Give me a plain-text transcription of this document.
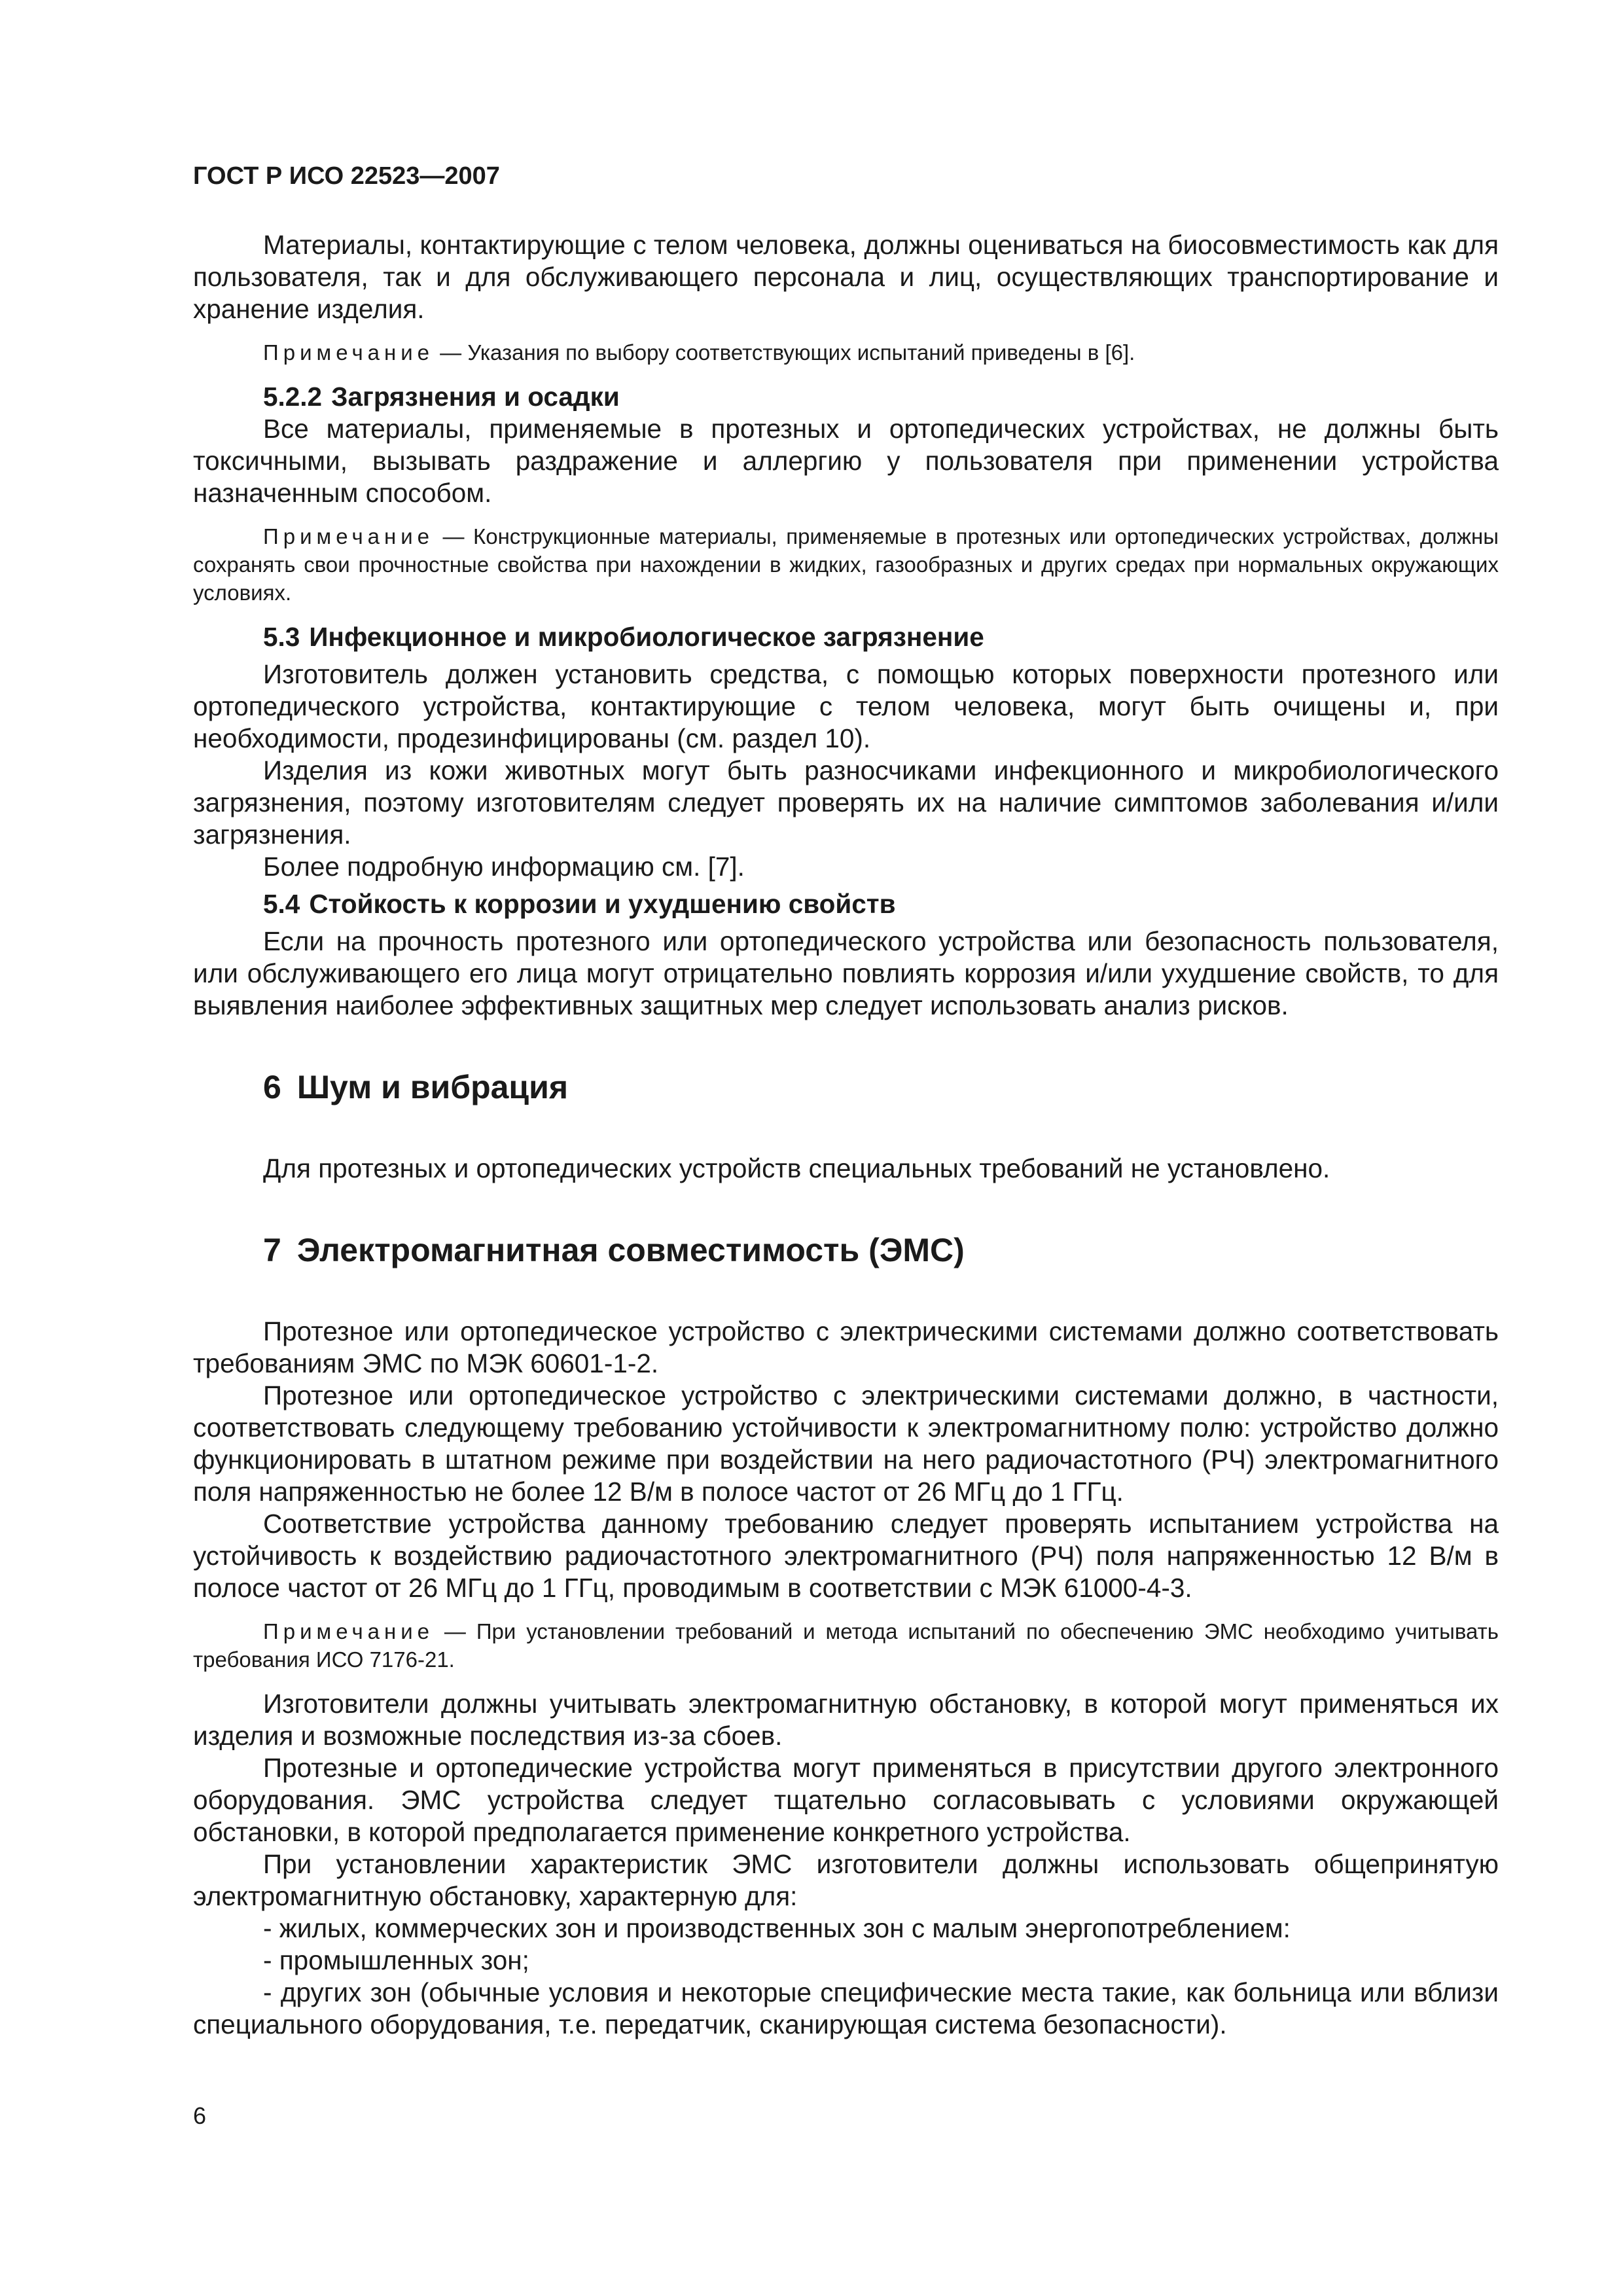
ГОСТ Р ИСО 22523—2007

Материалы, контактирующие с телом человека, должны оцениваться на биосовместимость как для пользователя, так и для обслуживающего персонала и лиц, осуществляющих транспортирование и хранение изделия.

Примечание — Указания по выбору соответствующих испытаний приведены в [6].

5.2.2 Загрязнения и осадки

Все материалы, применяемые в протезных и ортопедических устройствах, не должны быть токсичными, вызывать раздражение и аллергию у пользователя при применении устройства назначенным способом.

Примечание — Конструкционные материалы, применяемые в протезных или ортопедических устройствах, должны сохранять свои прочностные свойства при нахождении в жидких, газообразных и других средах при нормальных окружающих условиях.

5.3 Инфекционное и микробиологическое загрязнение

Изготовитель должен установить средства, с помощью которых поверхности протезного или ортопедического устройства, контактирующие с телом человека, могут быть очищены и, при необходимости, продезинфицированы (см. раздел 10).

Изделия из кожи животных могут быть разносчиками инфекционного и микробиологического загрязнения, поэтому изготовителям следует проверять их на наличие симптомов заболевания и/или загрязнения.

Более подробную информацию см. [7].

5.4 Стойкость к коррозии и ухудшению свойств

Если на прочность протезного или ортопедического устройства или безопасность пользователя, или обслуживающего его лица могут отрицательно повлиять коррозия и/или ухудшение свойств, то для выявления наиболее эффективных защитных мер следует использовать анализ рисков.

6 Шум и вибрация

Для протезных и ортопедических устройств специальных требований не установлено.

7 Электромагнитная совместимость (ЭМС)

Протезное или ортопедическое устройство с электрическими системами должно соответствовать требованиям ЭМС по МЭК 60601-1-2.

Протезное или ортопедическое устройство с электрическими системами должно, в частности, соответствовать следующему требованию устойчивости к электромагнитному полю: устройство должно функционировать в штатном режиме при воздействии на него радиочастотного (РЧ) электромагнитного поля напряженностью не более 12 В/м в полосе частот от 26 МГц до 1 ГГц.

Соответствие устройства данному требованию следует проверять испытанием устройства на устойчивость к воздействию радиочастотного электромагнитного (РЧ) поля напряженностью 12 В/м в полосе частот от 26 МГц до 1 ГГц, проводимым в соответствии с МЭК 61000-4-3.

Примечание — При установлении требований и метода испытаний по обеспечению ЭМС необходимо учитывать требования ИСО 7176-21.

Изготовители должны учитывать электромагнитную обстановку, в которой могут применяться их изделия и возможные последствия из-за сбоев.

Протезные и ортопедические устройства могут применяться в присутствии другого электронного оборудования. ЭМС устройства следует тщательно согласовывать с условиями окружающей обстановки, в которой предполагается применение конкретного устройства.

При установлении характеристик ЭМС изготовители должны использовать общепринятую электромагнитную обстановку, характерную для:

- жилых, коммерческих зон и производственных зон с малым энергопотреблением:

- промышленных зон;

- других зон (обычные условия и некоторые специфические места такие, как больница или вблизи специального оборудования, т.е. передатчик, сканирующая система безопасности).

6
